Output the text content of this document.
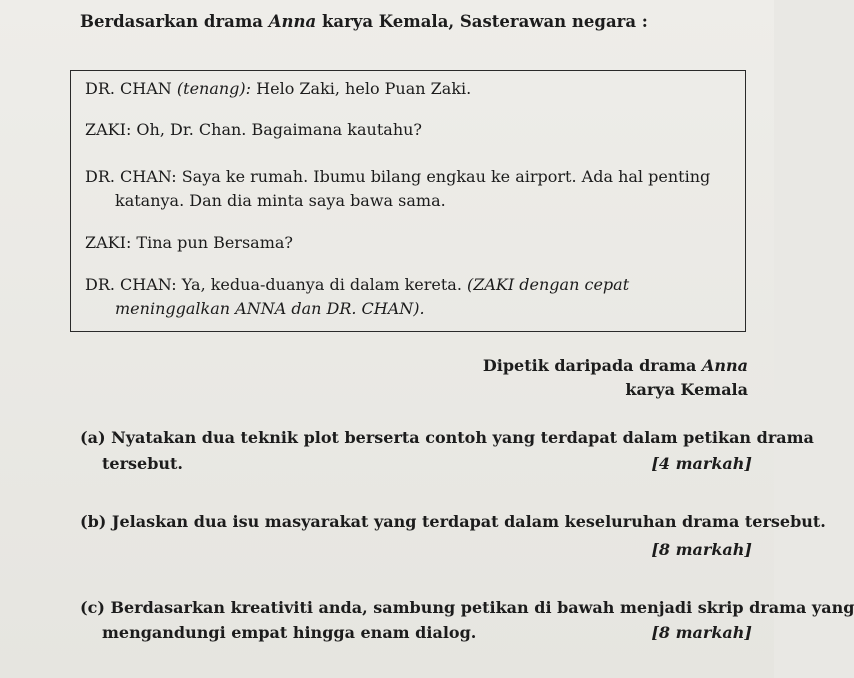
Berdasarkan drama Anna karya Kemala, Sasterawan negara :
DR. CHAN (tenang): Helo Zaki, helo Puan Zaki.
ZAKI: Oh, Dr. Chan. Bagaimana kautahu?
DR. CHAN: Saya ke rumah. Ibumu bilang engkau ke airport. Ada hal penting
katanya. Dan dia minta saya bawa sama.
ZAKI: Tina pun Bersama?
DR. CHAN: Ya, kedua-duanya di dalam kereta. (ZAKI dengan cepat
meninggalkan ANNA dan DR. CHAN).
Dipetik daripada drama Anna
karya Kemala
(a) Nyatakan dua teknik plot berserta contoh yang terdapat dalam petikan drama
tersebut.	[4 markah]
(b) Jelaskan dua isu masyarakat yang terdapat dalam keseluruhan drama tersebut.
[8 markah]
(c) Berdasarkan kreativiti anda, sambung petikan di bawah menjadi skrip drama yang
mengandungi empat hingga enam dialog.	[8 markah]
